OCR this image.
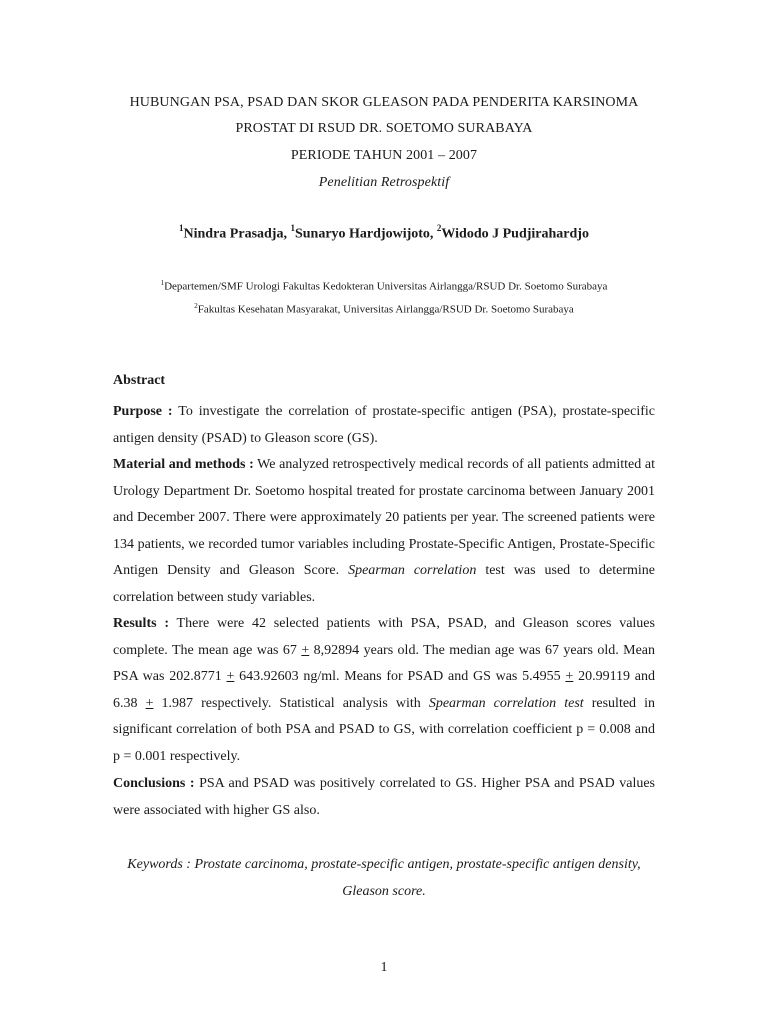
HUBUNGAN PSA, PSAD DAN SKOR GLEASON PADA PENDERITA KARSINOMA
PROSTAT DI RSUD DR. SOETOMO SURABAYA
PERIODE TAHUN 2001 – 2007
Penelitian Retrospektif
$^1$Nindra Prasadja, $^1$Sunaryo Hardjowijoto, $^2$Widodo J Pudjirahardjo
$^1$Departemen/SMF Urologi Fakultas Kedokteran Universitas Airlangga/RSUD Dr. Soetomo Surabaya
$^2$Fakultas Kesehatan Masyarakat, Universitas Airlangga/RSUD Dr. Soetomo Surabaya
Abstract
Purpose : To investigate the correlation of prostate-specific antigen (PSA), prostate-specific antigen density (PSAD) to Gleason score (GS).
Material and methods : We analyzed retrospectively medical records of all patients admitted at Urology Department Dr. Soetomo hospital treated for prostate carcinoma between January 2001 and December 2007. There were approximately 20 patients per year. The screened patients were 134 patients, we recorded tumor variables including Prostate-Specific Antigen, Prostate-Specific Antigen Density and Gleason Score. Spearman correlation test was used to determine correlation between study variables.
Results : There were 42 selected patients with PSA, PSAD, and Gleason scores values complete. The mean age was 67 + 8,92894 years old. The median age was 67 years old. Mean PSA was 202.8771 + 643.92603 ng/ml. Means for PSAD and GS was 5.4955 + 20.99119 and 6.38 + 1.987 respectively. Statistical analysis with Spearman correlation test resulted in significant correlation of both PSA and PSAD to GS, with correlation coefficient p = 0.008 and p = 0.001 respectively.
Conclusions : PSA and PSAD was positively correlated to GS. Higher PSA and PSAD values were associated with higher GS also.
Keywords : Prostate carcinoma, prostate-specific antigen, prostate-specific antigen density, Gleason score.
1
